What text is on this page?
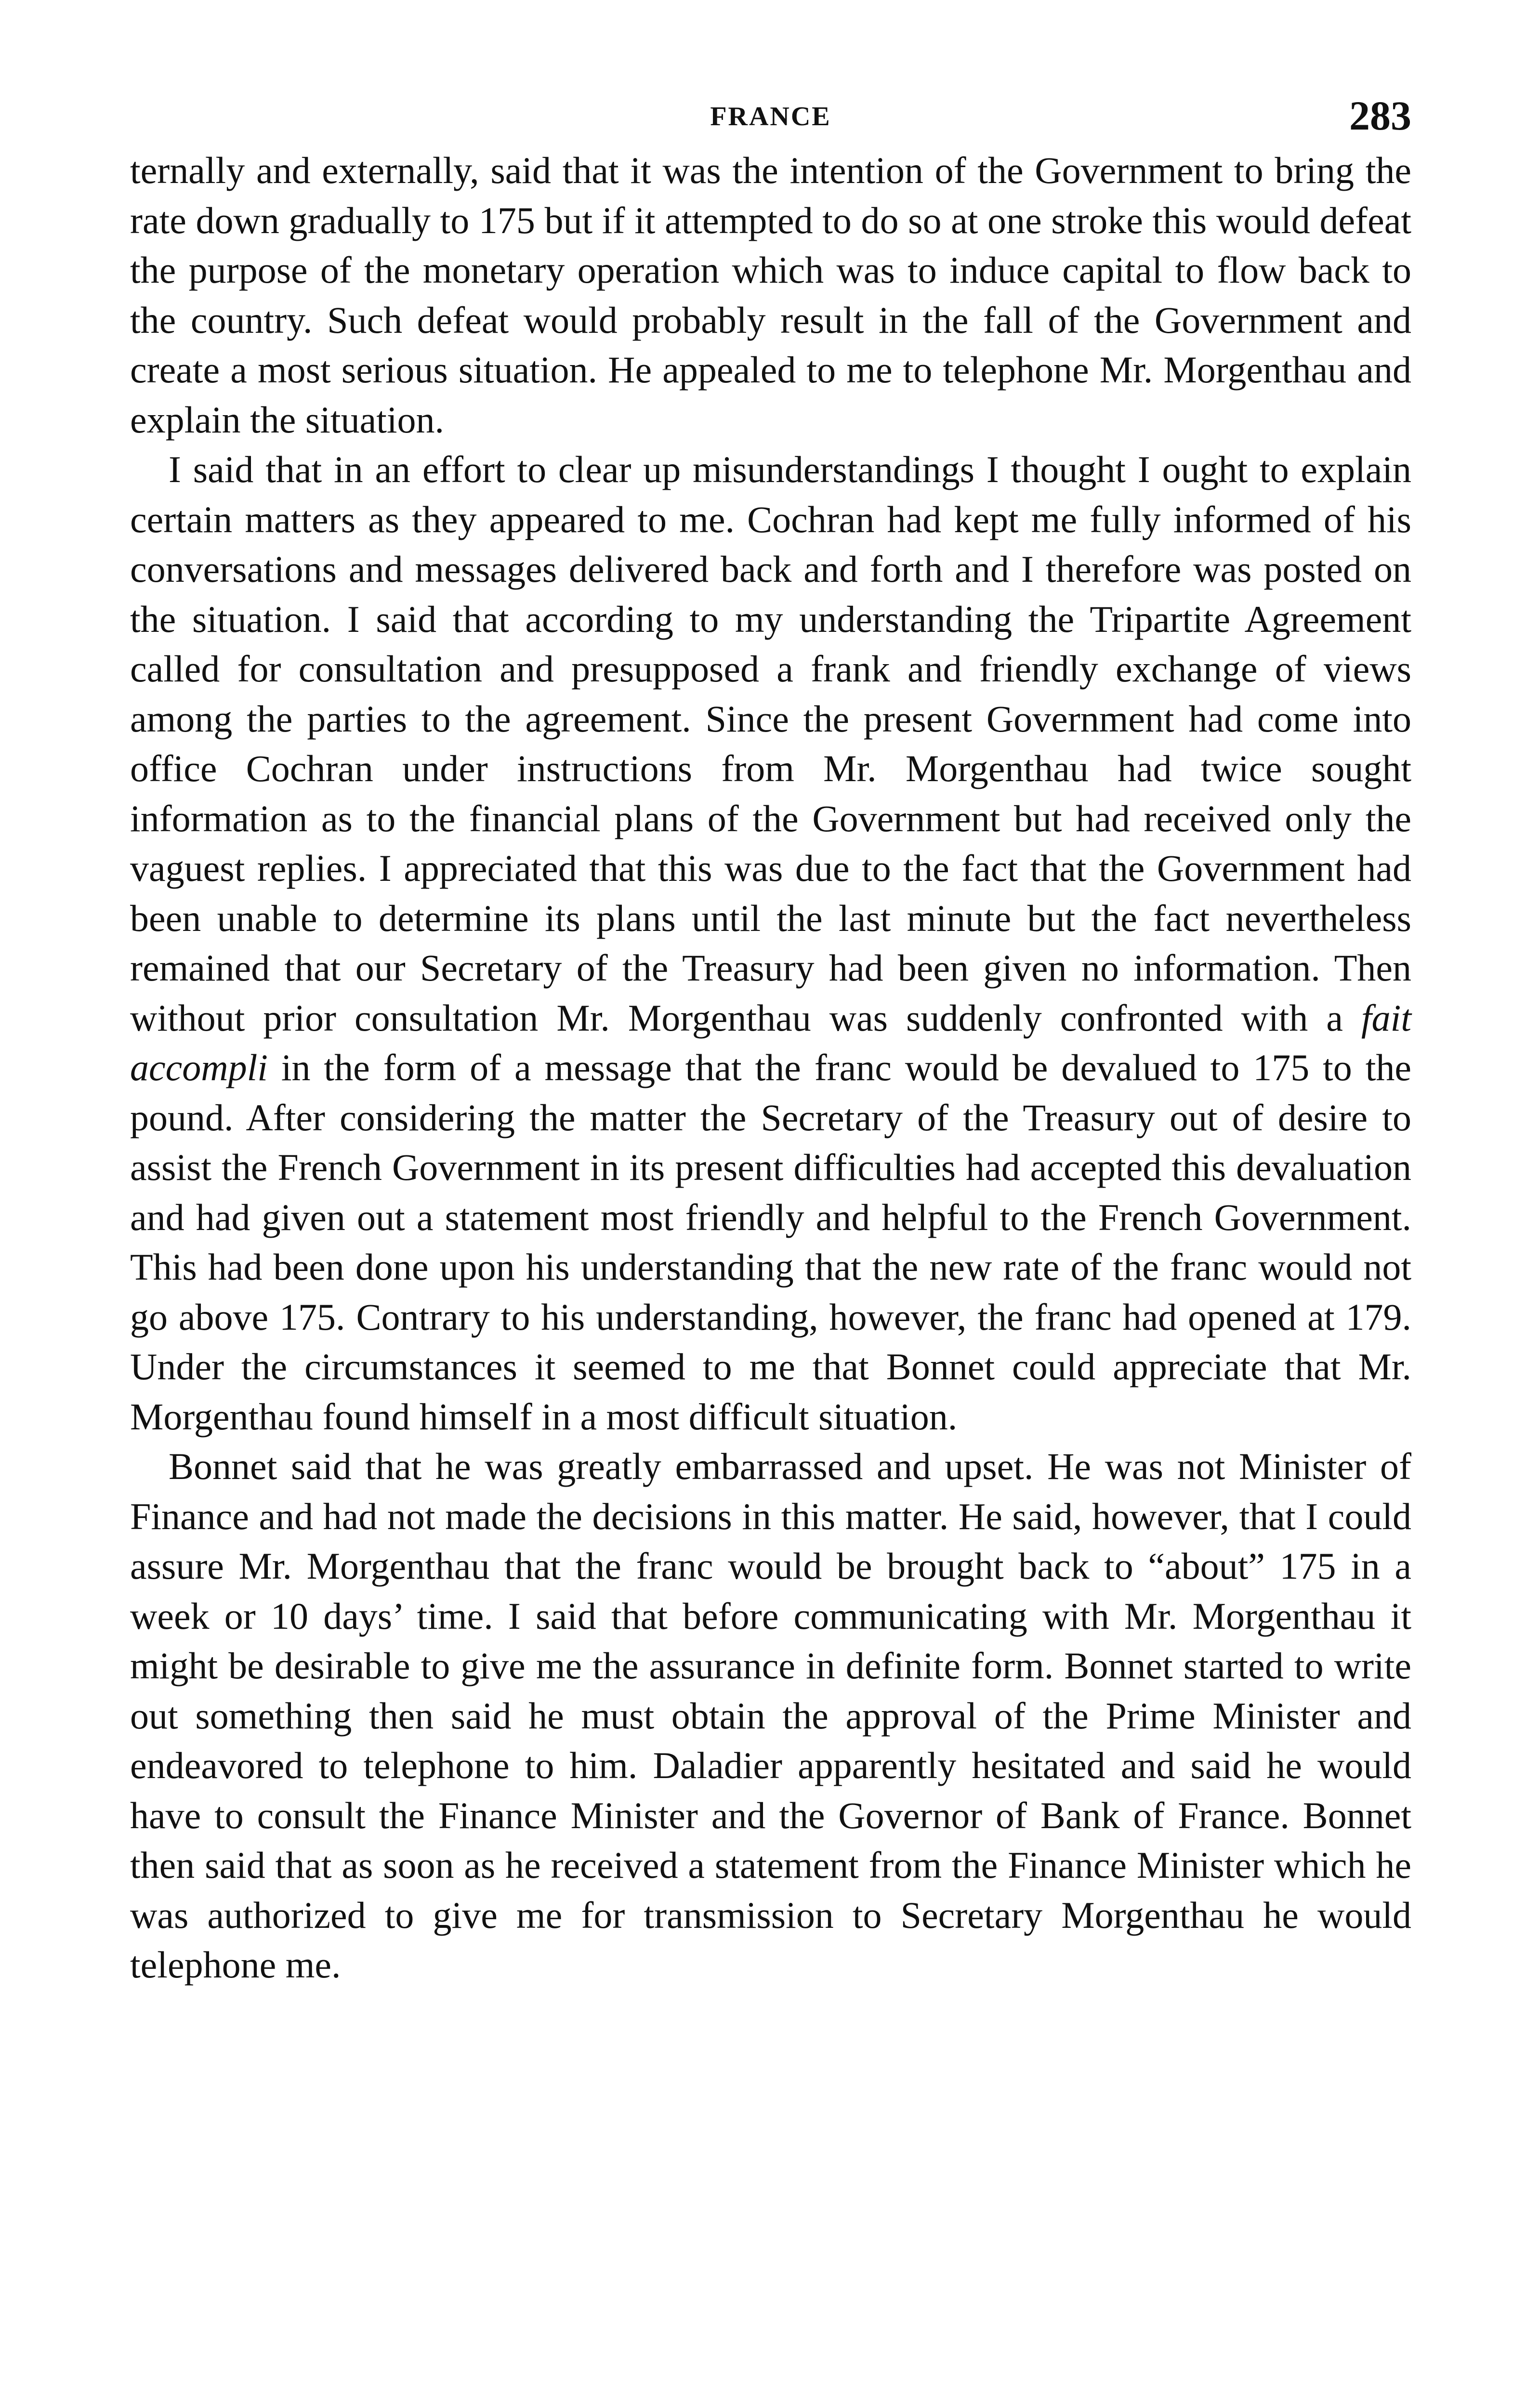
FRANCE	283

ternally and externally, said that it was the intention of the Government to bring the rate down gradually to 175 but if it attempted to do so at one stroke this would defeat the purpose of the monetary operation which was to induce capital to flow back to the country. Such defeat would probably result in the fall of the Government and create a most serious situation. He appealed to me to telephone Mr. Morgenthau and explain the situation.

I said that in an effort to clear up misunderstandings I thought I ought to explain certain matters as they appeared to me. Cochran had kept me fully informed of his conversations and messages delivered back and forth and I therefore was posted on the situation. I said that according to my understanding the Tripartite Agreement called for consultation and presupposed a frank and friendly exchange of views among the parties to the agreement. Since the present Government had come into office Cochran under instructions from Mr. Morgenthau had twice sought information as to the financial plans of the Government but had received only the vaguest replies. I appreciated that this was due to the fact that the Government had been unable to determine its plans until the last minute but the fact nevertheless remained that our Secretary of the Treasury had been given no information. Then without prior consultation Mr. Morgenthau was suddenly confronted with a fait accompli in the form of a message that the franc would be devalued to 175 to the pound. After considering the matter the Secretary of the Treasury out of desire to assist the French Government in its present difficulties had accepted this devaluation and had given out a statement most friendly and helpful to the French Government. This had been done upon his understanding that the new rate of the franc would not go above 175. Contrary to his understanding, however, the franc had opened at 179. Under the circumstances it seemed to me that Bonnet could appreciate that Mr. Morgenthau found himself in a most difficult situation.

Bonnet said that he was greatly embarrassed and upset. He was not Minister of Finance and had not made the decisions in this matter. He said, however, that I could assure Mr. Morgenthau that the franc would be brought back to “about” 175 in a week or 10 days’ time. I said that before communicating with Mr. Morgenthau it might be desirable to give me the assurance in definite form. Bonnet started to write out something then said he must obtain the approval of the Prime Minister and endeavored to telephone to him. Daladier apparently hesitated and said he would have to consult the Finance Minister and the Governor of Bank of France. Bonnet then said that as soon as he received a statement from the Finance Minister which he was authorized to give me for transmission to Secretary Morgenthau he would telephone me.
